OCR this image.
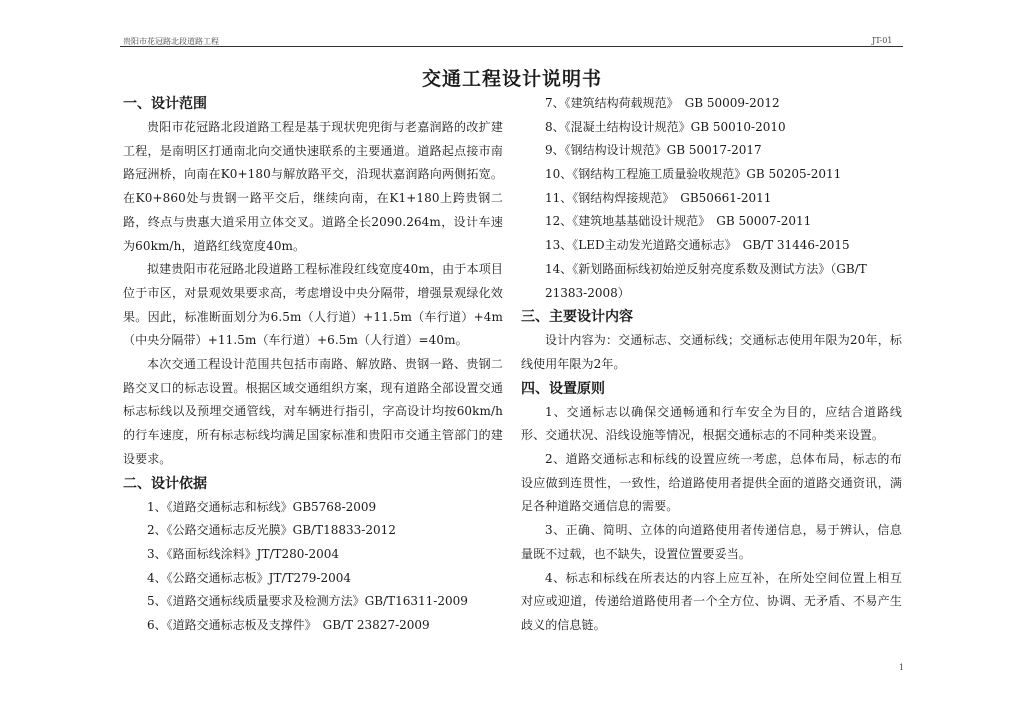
贵阳市花冠路北段道路工程	JT-01
交通工程设计说明书
一、设计范围
贵阳市花冠路北段道路工程是基于现状兜兜街与老嘉润路的改扩建工程，是南明区打通南北向交通快速联系的主要通道。道路起点接市南路冠洲桥，向南在K0+180与解放路平交，沿现状嘉润路向两侧拓宽。在K0+860处与贵钢一路平交后，继续向南，在K1+180上跨贵钢二路，终点与贵惠大道采用立体交叉。道路全长2090.264m，设计车速为60km/h，道路红线宽度40m。
拟建贵阳市花冠路北段道路工程标准段红线宽度40m，由于本项目位于市区，对景观效果要求高，考虑增设中央分隔带，增强景观绿化效果。因此，标准断面划分为6.5m（人行道）+11.5m（车行道）+4m（中央分隔带）+11.5m（车行道）+6.5m（人行道）=40m。
本次交通工程设计范围共包括市南路、解放路、贵钢一路、贵钢二路交叉口的标志设置。根据区域交通组织方案，现有道路全部设置交通标志标线以及预埋交通管线，对车辆进行指引，字高设计均按60km/h的行车速度，所有标志标线均满足国家标准和贵阳市交通主管部门的建设要求。
二、设计依据
1、《道路交通标志和标线》GB5768-2009
2、《公路交通标志反光膜》GB/T18833-2012
3、《路面标线涂料》JT/T280-2004
4、《公路交通标志板》JT/T279-2004
5、《道路交通标线质量要求及检测方法》GB/T16311-2009
6、《道路交通标志板及支撑件》　GB/T 23827-2009
7、《建筑结构荷载规范》　GB 50009-2012
8、《混凝土结构设计规范》GB 50010-2010
9、《钢结构设计规范》GB 50017-2017
10、《钢结构工程施工质量验收规范》GB 50205-2011
11、《钢结构焊接规范》　GB50661-2011
12、《建筑地基基础设计规范》　GB 50007-2011
13、《LED主动发光道路交通标志》　GB/T 31446-2015
14、《新划路面标线初始逆反射亮度系数及测试方法》（GB/T 21383-2008）
三、主要设计内容
设计内容为：交通标志、交通标线；交通标志使用年限为20年，标线使用年限为2年。
四、设置原则
1、交通标志以确保交通畅通和行车安全为目的，应结合道路线形、交通状况、沿线设施等情况，根据交通标志的不同种类来设置。
2、道路交通标志和标线的设置应统一考虑，总体布局，标志的布设应做到连贯性，一致性，给道路使用者提供全面的道路交通资讯，满足各种道路交通信息的需要。
3、正确、简明、立体的向道路使用者传递信息，易于辨认，信息量既不过载，也不缺失，设置位置要妥当。
4、标志和标线在所表达的内容上应互补，在所处空间位置上相互对应或迎道，传递给道路使用者一个全方位、协调、无矛盾、不易产生歧义的信息链。
1
